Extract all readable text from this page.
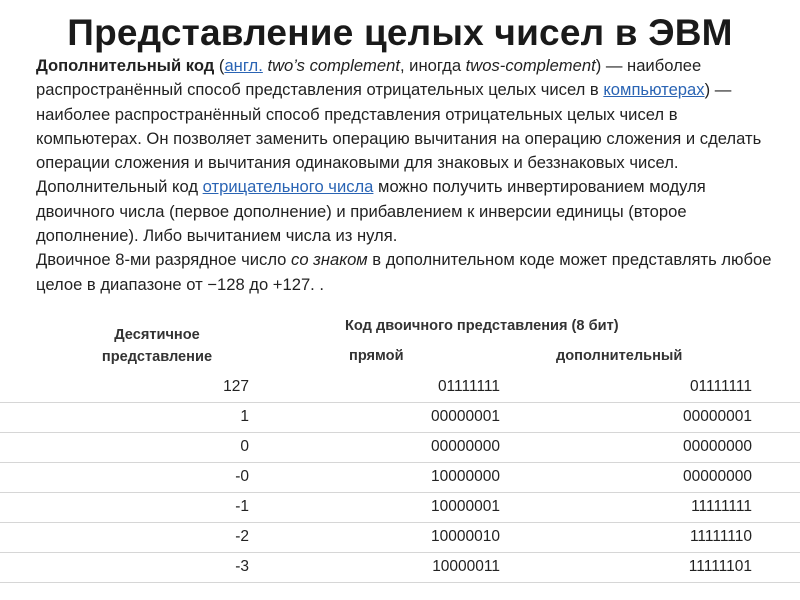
Представление целых чисел в ЭВМ
Дополнительный код (англ. two’s complement, иногда twos-complement) — наиболее распространённый способ представления отрицательных целых чисел в компьютерах) — наиболее распространённый способ представления отрицательных целых чисел в компьютерах. Он позволяет заменить операцию вычитания на операцию сложения и сделать операции сложения и вычитания одинаковыми для знаковых и беззнаковых чисел. Дополнительный код отрицательного числа можно получить инвертированием модуля двоичного числа (первое дополнение) и прибавлением к инверсии единицы (второе дополнение). Либо вычитанием числа из нуля.
Двоичное 8-ми разрядное число со знаком в дополнительном коде может представлять любое целое в диапазоне от −128 до +127. .
Десятичное представление
Код двоичного представления (8 бит)
прямой	дополнительный
127	01111111	01111111
1	00000001	00000001
0	00000000	00000000
-0	10000000	00000000
-1	10000001	11111111
-2	10000010	11111110
-3	10000011	11111101
